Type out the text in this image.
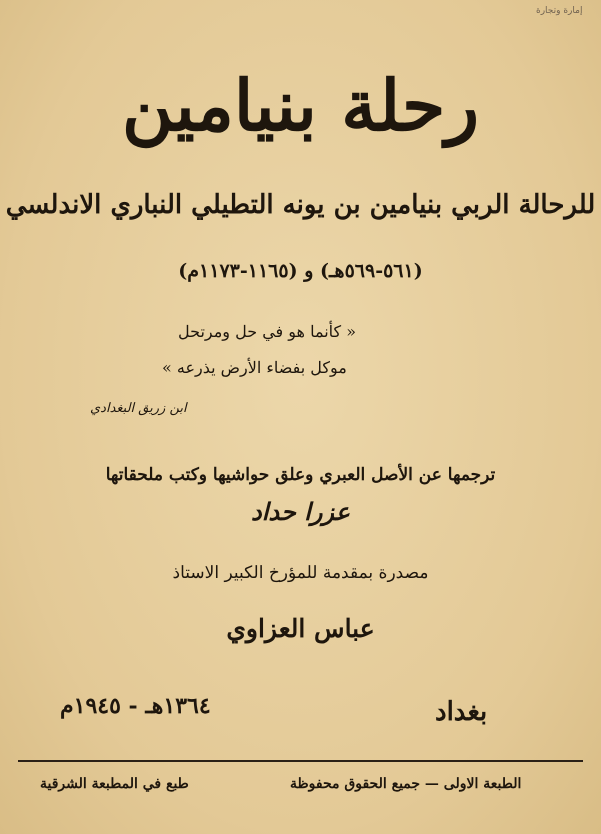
إمارة وتجارة
رحلة بنيامين
للرحالة الربي بنيامين بن يونه التطيلي النباري الاندلسي
(٥٦١-٥٦٩هـ) و (١١٦٥-١١٧٣م)
« كأنما هو في حل ومرتحل
موكل بفضاء الأرض يذرعه »
ابن زريق البغدادي
ترجمها عن الأصل العبري وعلق حواشيها وكتب ملحقاتها
عزرا حداد
مصدرة بمقدمة للمؤرخ الكبير الاستاذ
عباس العزاوي
١٣٦٤هـ - ١٩٤٥م	بغداد
الطبعة الاولى — جميع الحقوق محفوظة
طبع في المطبعة الشرقية
